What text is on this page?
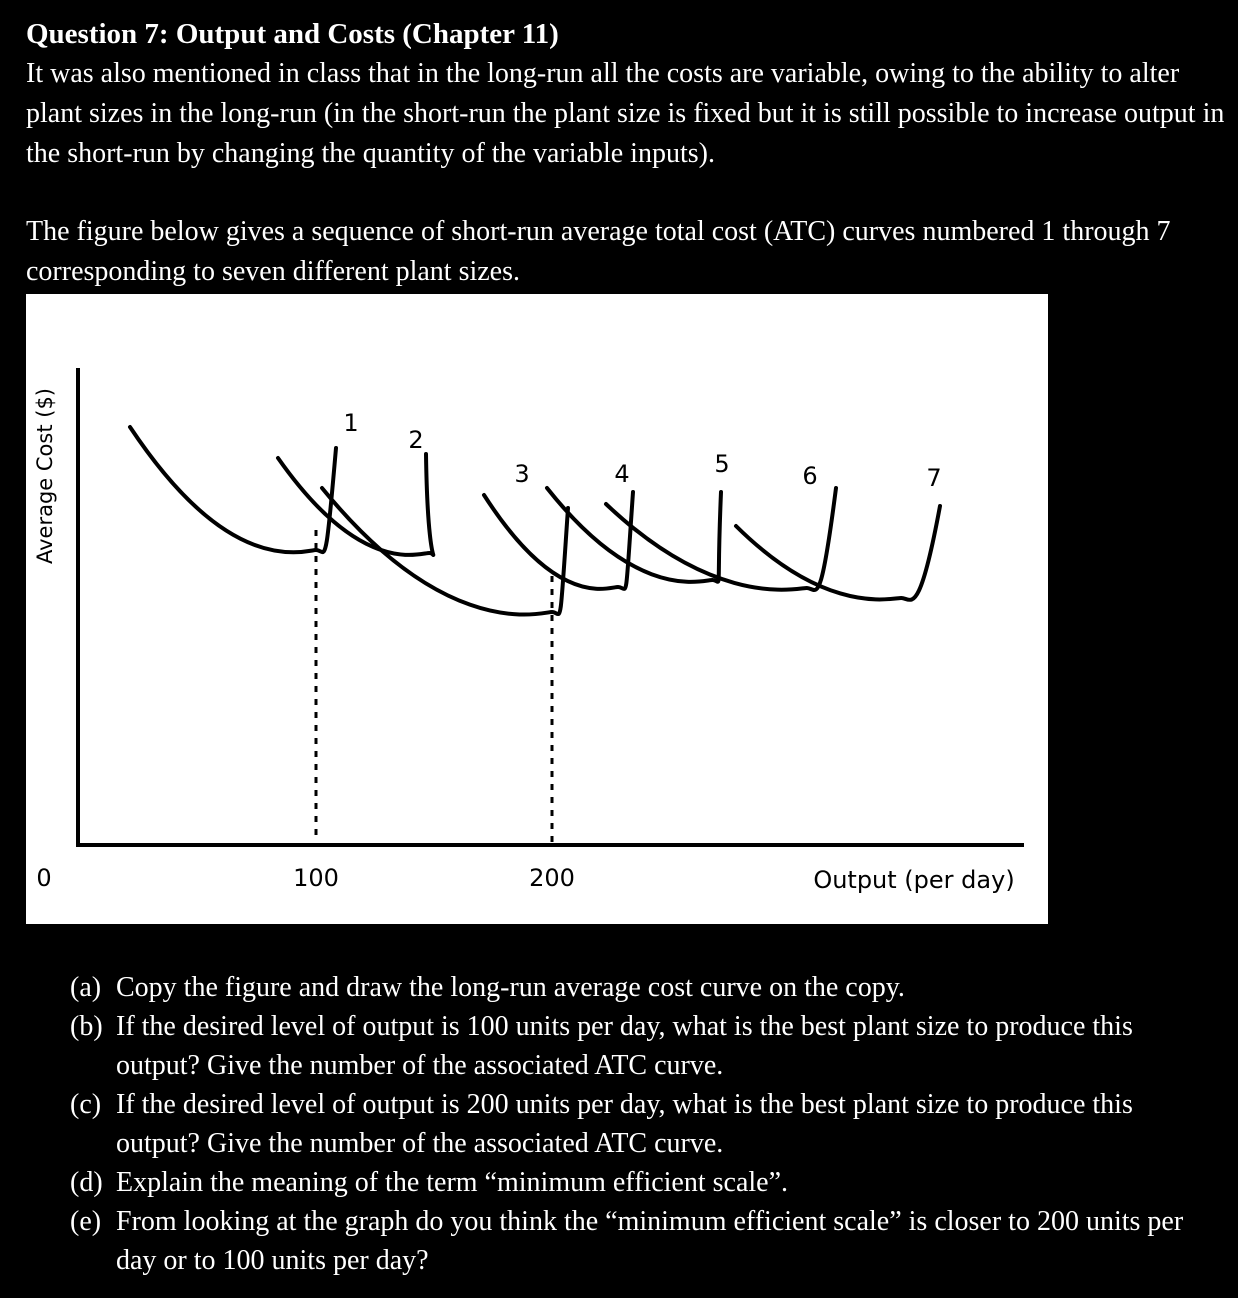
Question 7: Output and Costs (Chapter 11)
It was also mentioned in class that in the long-run all the costs are variable, owing to the ability to alter plant sizes in the long-run (in the short-run the plant size is fixed but it is still possible to increase output in the short-run by changing the quantity of the variable inputs).
The figure below gives a sequence of short-run average total cost (ATC) curves numbered 1 through 7 corresponding to seven different plant sizes.
Average Cost ($)
0	100	200	Output (per day)
1
2
3	4	5	6	7
(a) Copy the figure and draw the long-run average cost curve on the copy.
(b) If the desired level of output is 100 units per day, what is the best plant size to produce this output? Give the number of the associated ATC curve.
(c) If the desired level of output is 200 units per day, what is the best plant size to produce this output? Give the number of the associated ATC curve.
(d) Explain the meaning of the term “minimum efficient scale”.
(e) From looking at the graph do you think the “minimum efficient scale” is closer to 200 units per day or to 100 units per day?
